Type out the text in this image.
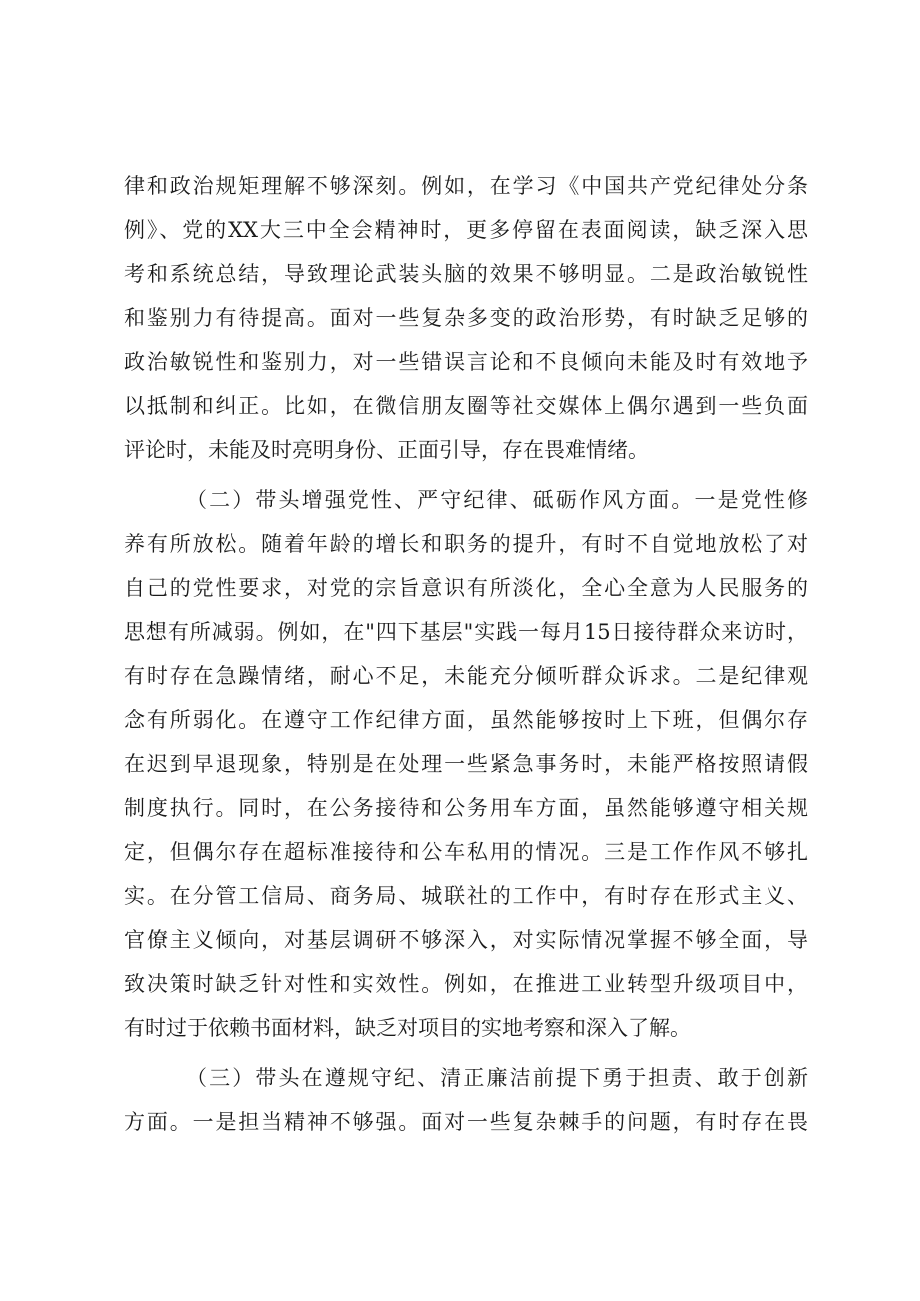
律和政治规矩理解不够深刻。例如，在学习《中国共产党纪律处分条
例》、党的XX大三中全会精神时，更多停留在表面阅读，缺乏深入思
考和系统总结，导致理论武装头脑的效果不够明显。二是政治敏锐性
和鉴别力有待提高。面对一些复杂多变的政治形势，有时缺乏足够的
政治敏锐性和鉴别力，对一些错误言论和不良倾向未能及时有效地予
以抵制和纠正。比如，在微信朋友圈等社交媒体上偶尔遇到一些负面
评论时，未能及时亮明身份、正面引导，存在畏难情绪。
（二）带头增强党性、严守纪律、砥砺作风方面。一是党性修
养有所放松。随着年龄的增长和职务的提升，有时不自觉地放松了对
自己的党性要求，对党的宗旨意识有所淡化，全心全意为人民服务的
思想有所减弱。例如，在"四下基层"实践一每月15日接待群众来访时，
有时存在急躁情绪，耐心不足，未能充分倾听群众诉求。二是纪律观
念有所弱化。在遵守工作纪律方面，虽然能够按时上下班，但偶尔存
在迟到早退现象，特别是在处理一些紧急事务时，未能严格按照请假
制度执行。同时，在公务接待和公务用车方面，虽然能够遵守相关规
定，但偶尔存在超标准接待和公车私用的情况。三是工作作风不够扎
实。在分管工信局、商务局、城联社的工作中，有时存在形式主义、
官僚主义倾向，对基层调研不够深入，对实际情况掌握不够全面，导
致决策时缺乏针对性和实效性。例如，在推进工业转型升级项目中，
有时过于依赖书面材料，缺乏对项目的实地考察和深入了解。
（三）带头在遵规守纪、清正廉洁前提下勇于担责、敢于创新
方面。一是担当精神不够强。面对一些复杂棘手的问题，有时存在畏
